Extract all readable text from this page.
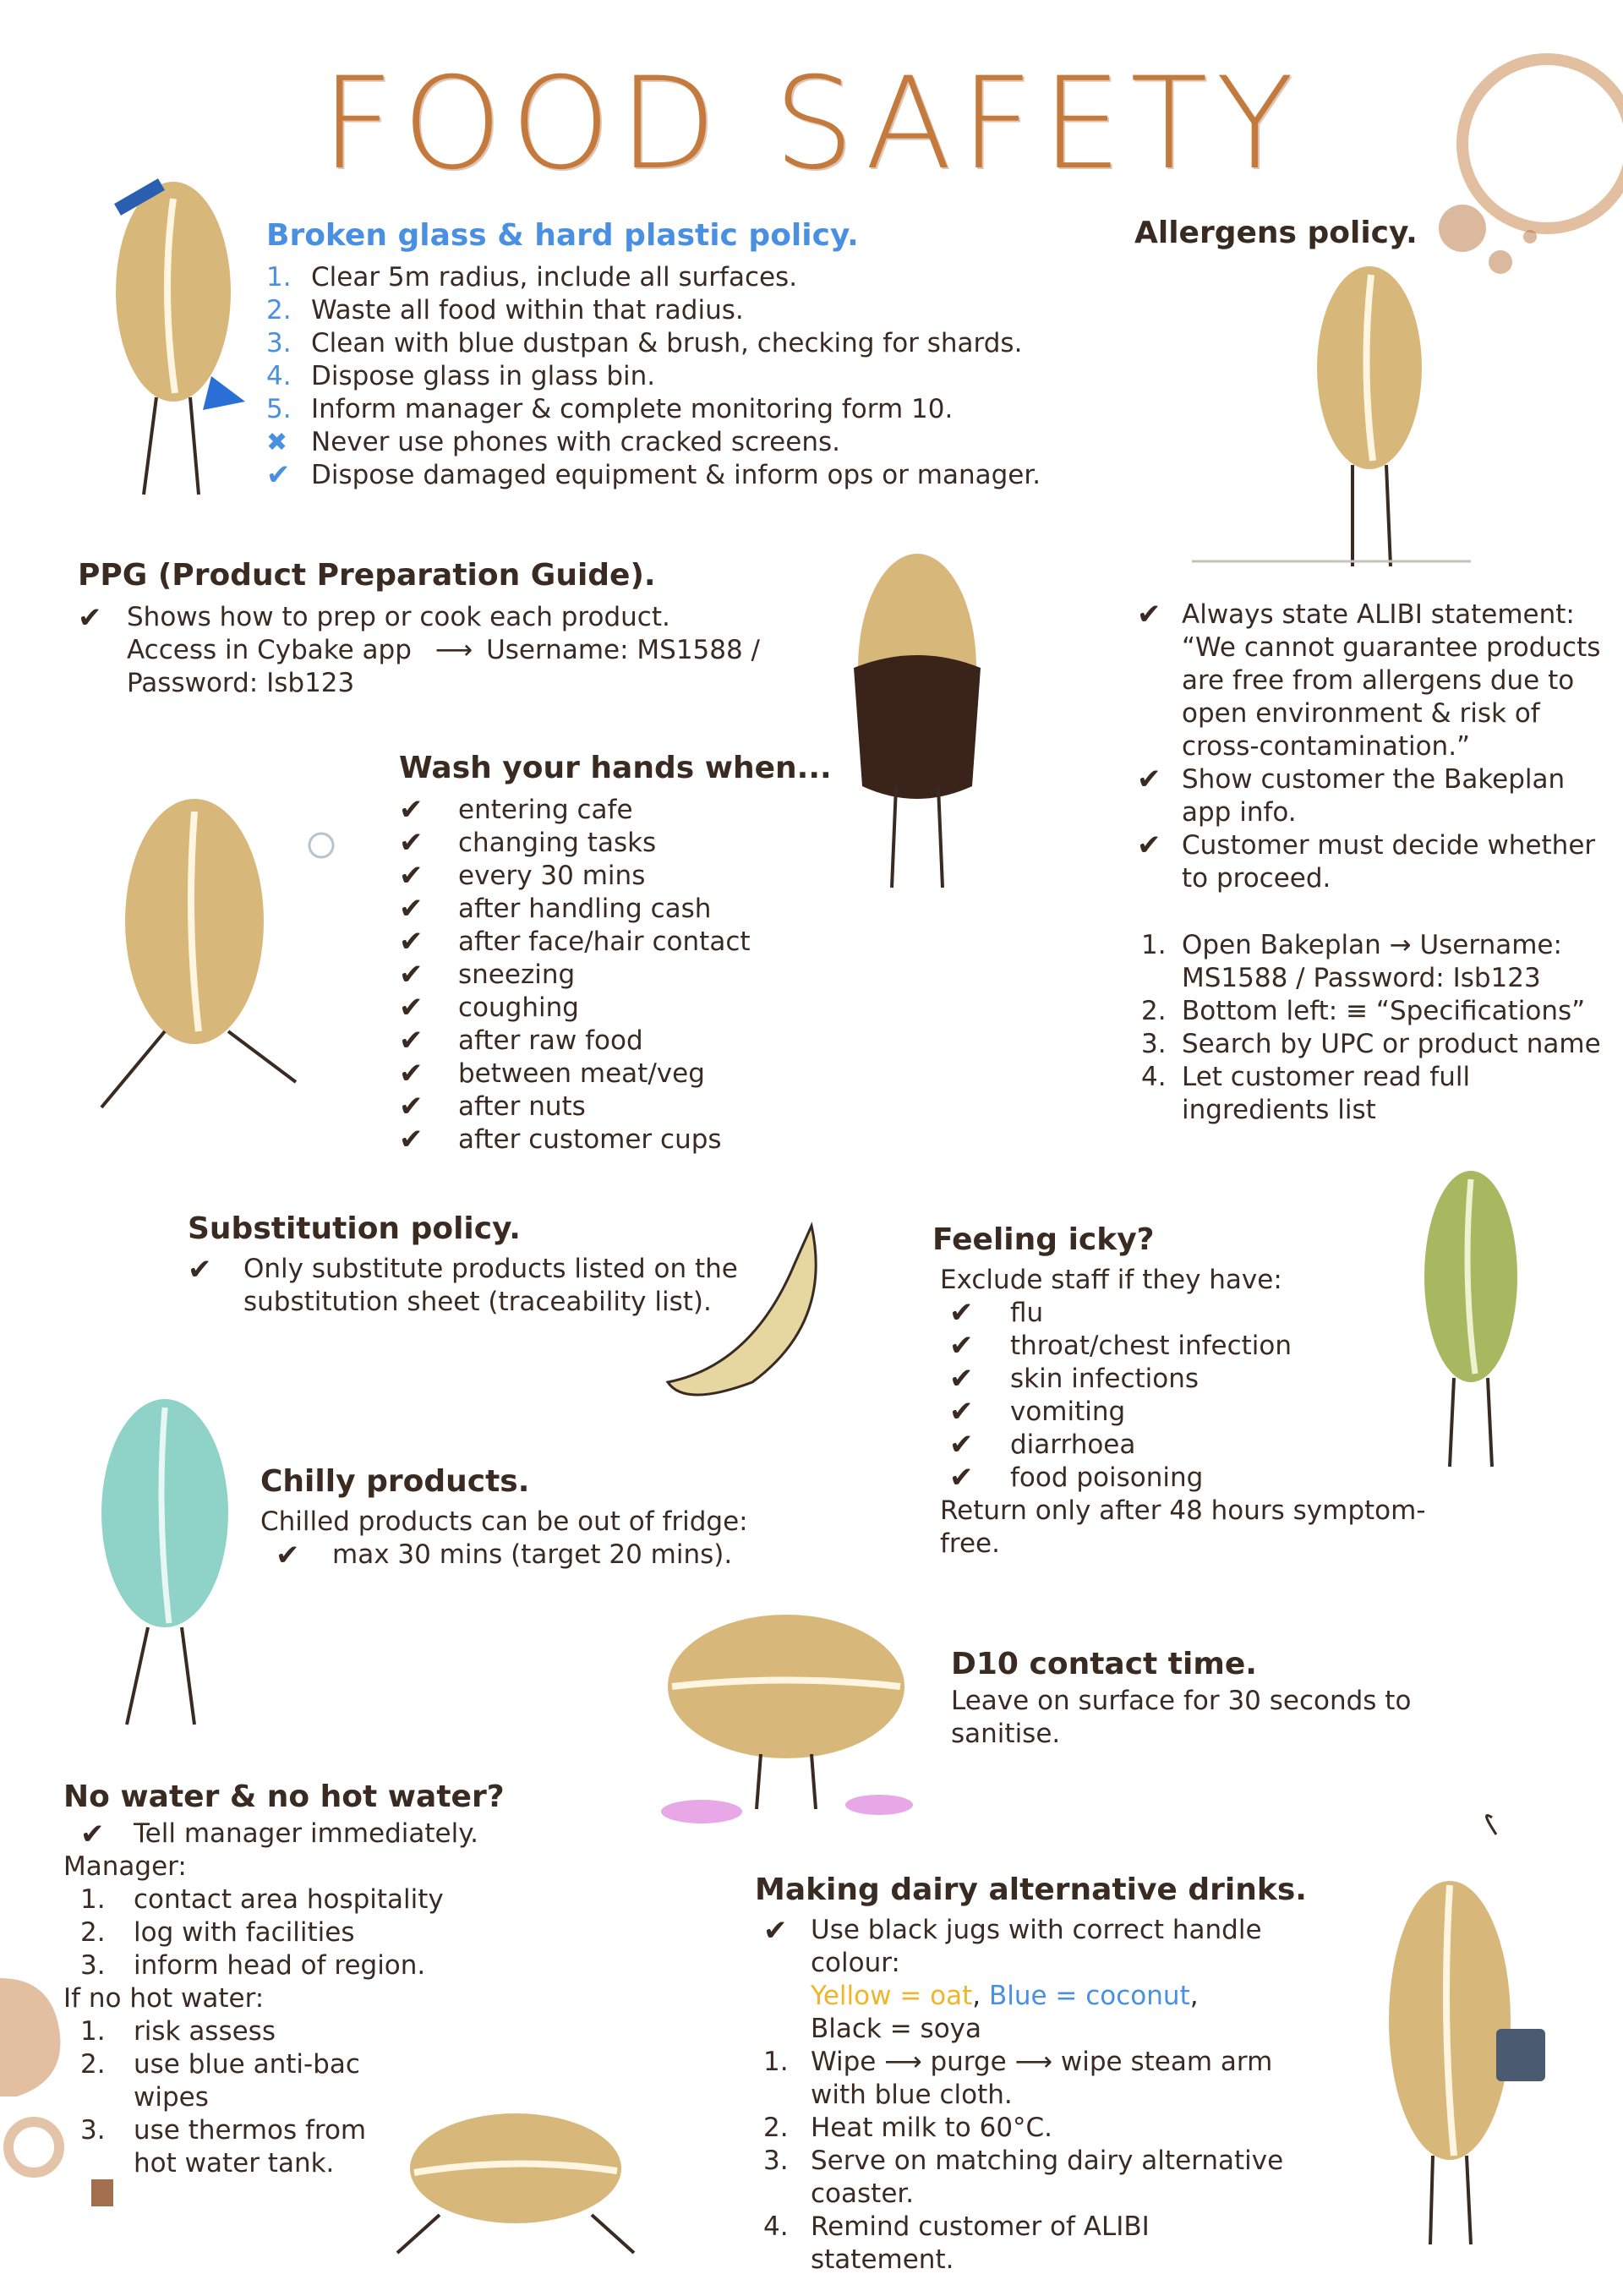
FOOD SAFETY
Broken glass & hard plastic policy.
1. Clear 5m radius, include all surfaces.
2. Waste all food within that radius.
3. Clean with blue dustpan & brush, checking for shards.
4. Dispose glass in glass bin.
5. Inform manager & complete monitoring form 10.
✖ Never use phones with cracked screens.
✔ Dispose damaged equipment & inform ops or manager.
Allergens policy.
✔ Always state ALIBI statement: “We cannot guarantee products are free from allergens due to open environment & risk of cross-contamination.”
✔ Show customer the Bakeplan app info.
✔ Customer must decide whether to proceed.
1. Open Bakeplan → Username: MS1588 / Password: Isb123
2. Bottom left: ≡ “Specifications”
3. Search by UPC or product name
4. Let customer read full ingredients list
PPG (Product Preparation Guide).
✔ Shows how to prep or cook each product.
Access in Cybake app ⟶ Username: MS1588 /
Password: Isb123
Wash your hands when...
✔ entering cafe
✔ changing tasks
✔ every 30 mins
✔ after handling cash
✔ after face/hair contact
✔ sneezing
✔ coughing
✔ after raw food
✔ between meat/veg
✔ after nuts
✔ after customer cups
Substitution policy.
✔ Only substitute products listed on the
substitution sheet (traceability list).
Feeling icky?
Exclude staff if they have:
✔ flu
✔ throat/chest infection
✔ skin infections
✔ vomiting
✔ diarrhoea
✔ food poisoning
Return only after 48 hours symptom-free.
Chilly products.
Chilled products can be out of fridge:
✔ max 30 mins (target 20 mins).
D10 contact time.
Leave on surface for 30 seconds to
sanitise.
No water & no hot water?
✔ Tell manager immediately.
Manager:
1. contact area hospitality
2. log with facilities
3. inform head of region.
If no hot water:
1. risk assess
2. use blue anti-bac wipes
3. use thermos from hot water tank.
Making dairy alternative drinks.
✔ Use black jugs with correct handle
colour:
Yellow = oat, Blue = coconut,
Black = soya
1. Wipe ⟶ purge ⟶ wipe steam arm with blue cloth.
2. Heat milk to 60°C.
3. Serve on matching dairy alternative coaster.
4. Remind customer of ALIBI statement.
